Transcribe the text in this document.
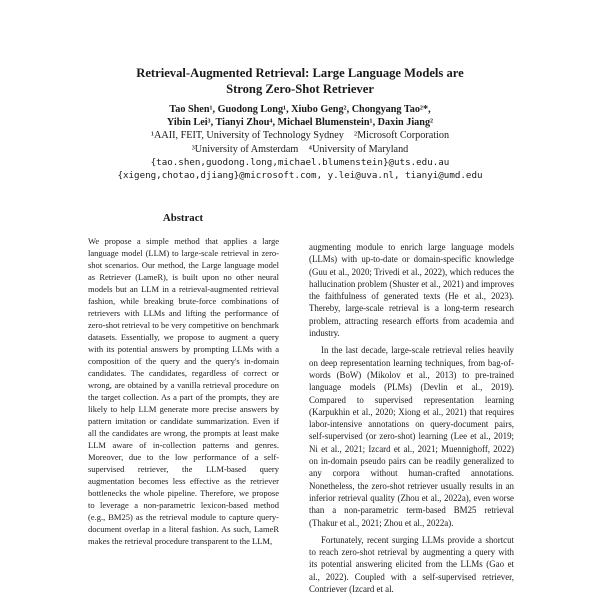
Retrieval-Augmented Retrieval: Large Language Models are
Strong Zero-Shot Retriever
Tao Shen¹, Guodong Long¹, Xiubo Geng², Chongyang Tao²*,
Yibin Lei³, Tianyi Zhou⁴, Michael Blumenstein¹, Daxin Jiang²
¹AAII, FEIT, University of Technology Sydney    ²Microsoft Corporation
³University of Amsterdam    ⁴University of Maryland
{tao.shen,guodong.long,michael.blumenstein}@uts.edu.au
{xigeng,chotao,djiang}@microsoft.com, y.lei@uva.nl, tianyi@umd.edu
Abstract
We propose a simple method that applies a large language model (LLM) to large-scale retrieval in zero-shot scenarios. Our method, the Large language model as Retriever (LameR), is built upon no other neural models but an LLM in a retrieval-augmented retrieval fashion, while breaking brute-force combinations of retrievers with LLMs and lifting the performance of zero-shot retrieval to be very competitive on benchmark datasets. Essentially, we propose to augment a query with its potential answers by prompting LLMs with a composition of the query and the query's in-domain candidates. The candidates, regardless of correct or wrong, are obtained by a vanilla retrieval procedure on the target collection. As a part of the prompts, they are likely to help LLM generate more precise answers by pattern imitation or candidate summarization. Even if all the candidates are wrong, the prompts at least make LLM aware of in-collection patterns and genres. Moreover, due to the low performance of a self-supervised retriever, the LLM-based query augmentation becomes less effective as the retriever bottlenecks the whole pipeline. Therefore, we propose to leverage a non-parametric lexicon-based method (e.g., BM25) as the retrieval module to capture query-document overlap in a literal fashion. As such, LameR makes the retrieval procedure transparent to the LLM,

augmenting module to enrich large language models (LLMs) with up-to-date or domain-specific knowledge (Guu et al., 2020; Trivedi et al., 2022), which reduces the hallucination problem (Shuster et al., 2021) and improves the faithfulness of generated texts (He et al., 2023). Thereby, large-scale retrieval is a long-term research problem, attracting research efforts from academia and industry.

In the last decade, large-scale retrieval relies heavily on deep representation learning techniques, from bag-of-words (BoW) (Mikolov et al., 2013) to pre-trained language models (PLMs) (Devlin et al., 2019). Compared to supervised representation learning (Karpukhin et al., 2020; Xiong et al., 2021) that requires labor-intensive annotations on query-document pairs, self-supervised (or zero-shot) learning (Lee et al., 2019; Ni et al., 2021; Izcard et al., 2021; Muennighoff, 2022) on in-domain pseudo pairs can be readily generalized to any corpora without human-crafted annotations. Nonetheless, the zero-shot retriever usually results in an inferior retrieval quality (Zhou et al., 2022a), even worse than a non-parametric term-based BM25 retrieval (Thakur et al., 2021; Zhou et al., 2022a).

Fortunately, recent surging LLMs provide a shortcut to reach zero-shot retrieval by augmenting a query with its potential answering elicited from the LLMs (Gao et al., 2022). Coupled with a self-supervised retriever, Contriever (Izcard et al.
